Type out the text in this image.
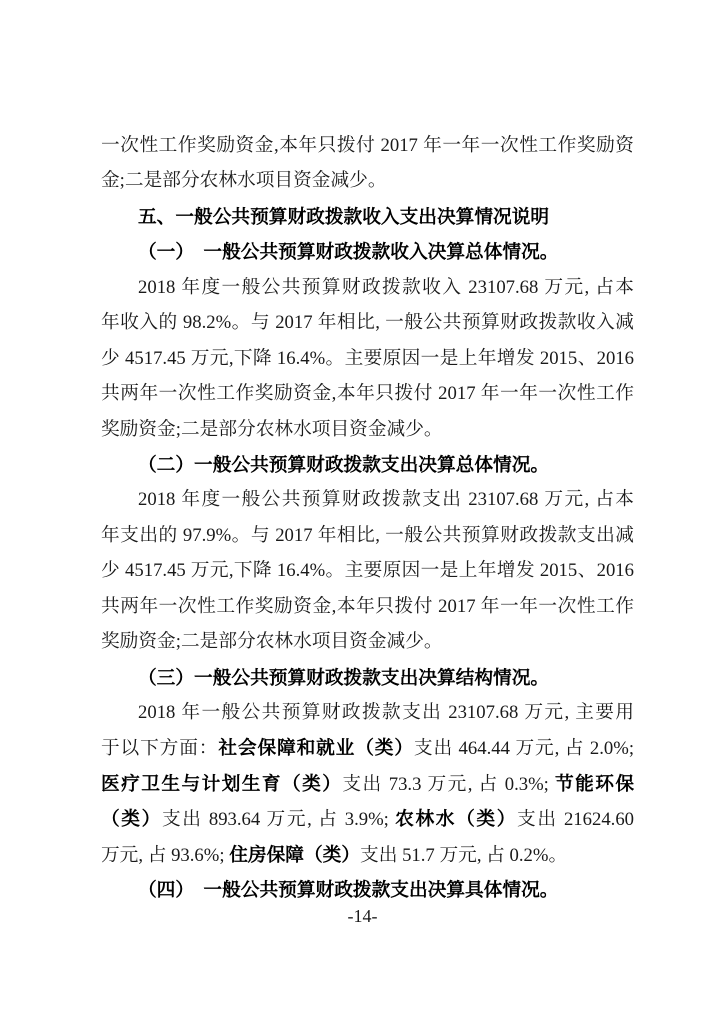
一次性工作奖励资金,本年只拨付 2017 年一年一次性工作奖励资
金;二是部分农林水项目资金减少。
五、一般公共预算财政拨款收入支出决算情况说明
（一）　一般公共预算财政拨款收入决算总体情况。
2018 年度一般公共预算财政拨款收入 23107.68 万元, 占本
年收入的 98.2%。与 2017 年相比, 一般公共预算财政拨款收入减
少 4517.45 万元,下降 16.4%。主要原因一是上年增发 2015、2016
共两年一次性工作奖励资金,本年只拨付 2017 年一年一次性工作
奖励资金;二是部分农林水项目资金减少。
（二）一般公共预算财政拨款支出决算总体情况。
2018 年度一般公共预算财政拨款支出 23107.68 万元, 占本
年支出的 97.9%。与 2017 年相比, 一般公共预算财政拨款支出减
少 4517.45 万元,下降 16.4%。主要原因一是上年增发 2015、2016
共两年一次性工作奖励资金,本年只拨付 2017 年一年一次性工作
奖励资金;二是部分农林水项目资金减少。
（三）一般公共预算财政拨款支出决算结构情况。
2018 年一般公共预算财政拨款支出 23107.68 万元, 主要用
于以下方面：社会保障和就业（类）支出 464.44 万元, 占 2.0%;
医疗卫生与计划生育（类）支出 73.3 万元, 占 0.3%; 节能环保
（类）支出 893.64 万元, 占 3.9%; 农林水（类）支出 21624.60
万元, 占 93.6%; 住房保障（类）支出 51.7 万元, 占 0.2%。
（四）　一般公共预算财政拨款支出决算具体情况。
-14-
